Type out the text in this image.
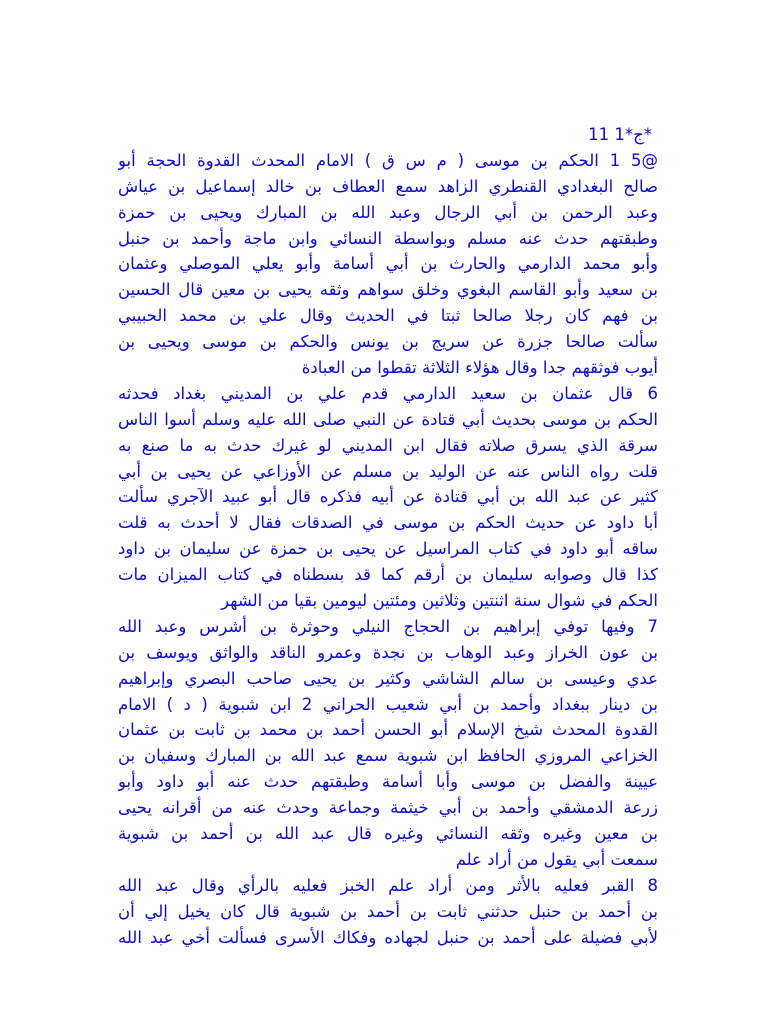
11 ج*1*
@5 1 الحكم بن موسى ( م س ق ) الامام المحدث القدوة الحجة أبو
صالح البغدادي القنطري الزاهد سمع العطاف بن خالد إسماعيل بن عياش
وعبد الرحمن بن أبي الرجال وعبد الله بن المبارك ويحيى بن حمزة
وطبقتهم حدث عنه مسلم وبواسطة النسائي وابن ماجة وأحمد بن حنبل
وأبو محمد الدارمي والحارث بن أبي أسامة وأبو يعلي الموصلي وعثمان
بن سعيد وأبو القاسم البغوي وخلق سواهم وثقه يحيى بن معين قال الحسين
بن فهم كان رجلا صالحا ثبتا في الحديث وقال علي بن محمد الحبيبي
سألت صالحا جزرة عن سريج بن يونس والحكم بن موسى ويحيى بن
أيوب فوثقهم جدا وقال هؤلاء الثلاثة تقطوا من العبادة
6 قال عثمان بن سعيد الدارمي قدم علي بن المديني بغداد فحدثه
الحكم بن موسى بحديث أبي قتادة عن النبي صلى الله عليه وسلم أسوا الناس
سرقة الذي يسرق صلاته فقال ابن المديني لو غيرك حدث به ما صنع به
قلت رواه الناس عنه عن الوليد بن مسلم عن الأوزاعي عن يحيى بن أبي
كثير عن عبد الله بن أبي قتادة عن أبيه فذكره قال أبو عبيد الآجري سألت
أبا داود عن حديث الحكم بن موسى في الصدقات فقال لا أحدث به قلت
ساقه أبو داود في كتاب المراسيل عن يحيى بن حمزة عن سليمان بن داود
كذا قال وصوابه سليمان بن أرقم كما قد بسطناه في كتاب الميزان مات
الحكم في شوال سنة اثنتين وثلاثين ومئتين ليومين بقيا من الشهر
7 وفيها توفي إبراهيم بن الحجاج النيلي وحوثرة بن أشرس وعبد الله
بن عون الخراز وعبد الوهاب بن نجدة وعمرو الناقد والواثق ويوسف بن
عدي وعيسى بن سالم الشاشي وكثير بن يحيى صاحب البصري وإبراهيم
بن دينار ببغداد وأحمد بن أبي شعيب الحراني 2 ابن شبوية ( د ) الامام
القدوة المحدث شيخ الإسلام أبو الحسن أحمد بن محمد بن ثابت بن عثمان
الخزاعي المروزي الحافظ ابن شبوية سمع عبد الله بن المبارك وسفيان بن
عيينة والفضل بن موسى وأبا أسامة وطبقتهم حدث عنه أبو داود وأبو
زرعة الدمشقي وأحمد بن أبي خيثمة وجماعة وحدث عنه من أقرانه يحيى
بن معين وغيره وثقه النسائي وغيره قال عبد الله بن أحمد بن شبوية
سمعت أبي يقول من أراد علم
8 القبر فعليه بالأثر ومن أراد علم الخبز فعليه بالرأي وقال عبد الله
بن أحمد بن حنبل حدثني ثابت بن أحمد بن شبوية قال كان يخيل إلي أن
لأبي فضيلة على أحمد بن حنبل لجهاده وفكاك الأسرى فسألت أخي عبد الله
